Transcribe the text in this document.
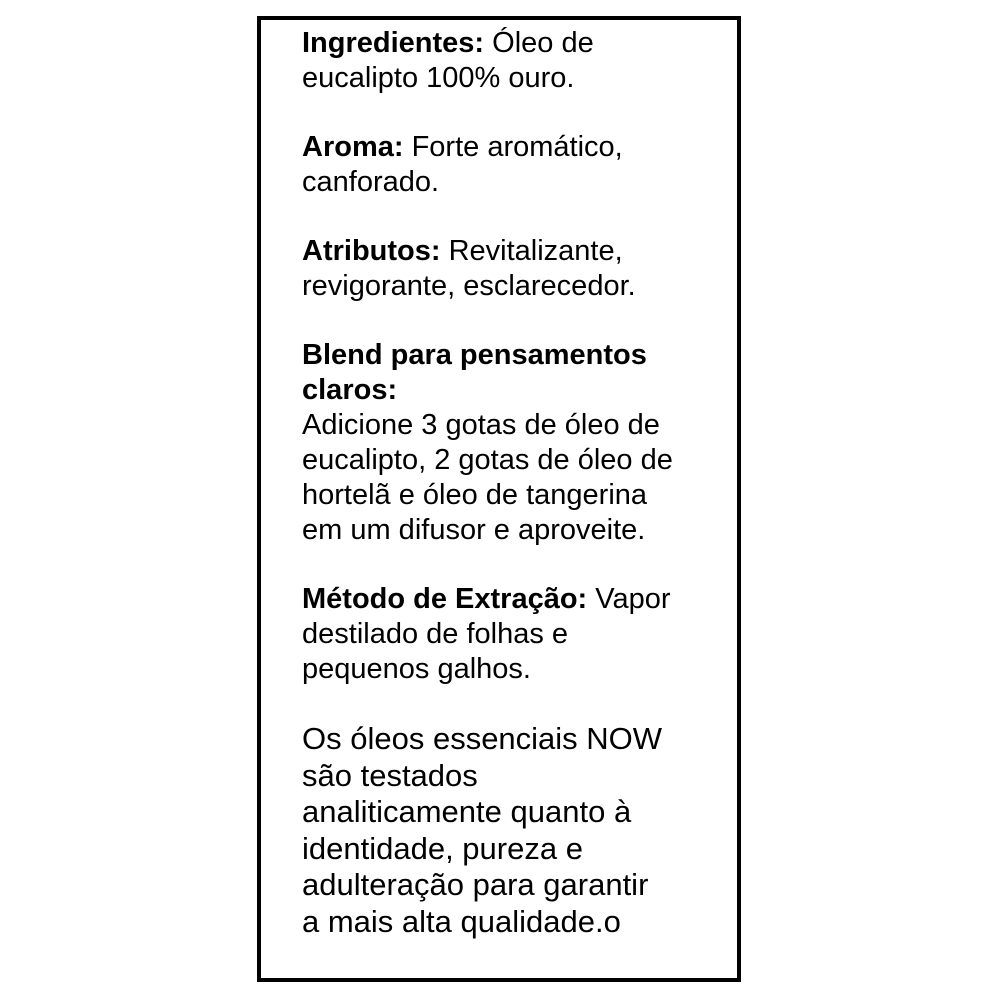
Ingredientes: Óleo de
eucalipto 100% ouro.

Aroma: Forte aromático,
canforado.

Atributos: Revitalizante,
revigorante, esclarecedor.

Blend para pensamentos
claros:
Adicione 3 gotas de óleo de
eucalipto, 2 gotas de óleo de
hortelã e óleo de tangerina
em um difusor e aproveite.

Método de Extração: Vapor
destilado de folhas e
pequenos galhos.

Os óleos essenciais NOW
são testados
analiticamente quanto à
identidade, pureza e
adulteração para garantir
a mais alta qualidade.o
